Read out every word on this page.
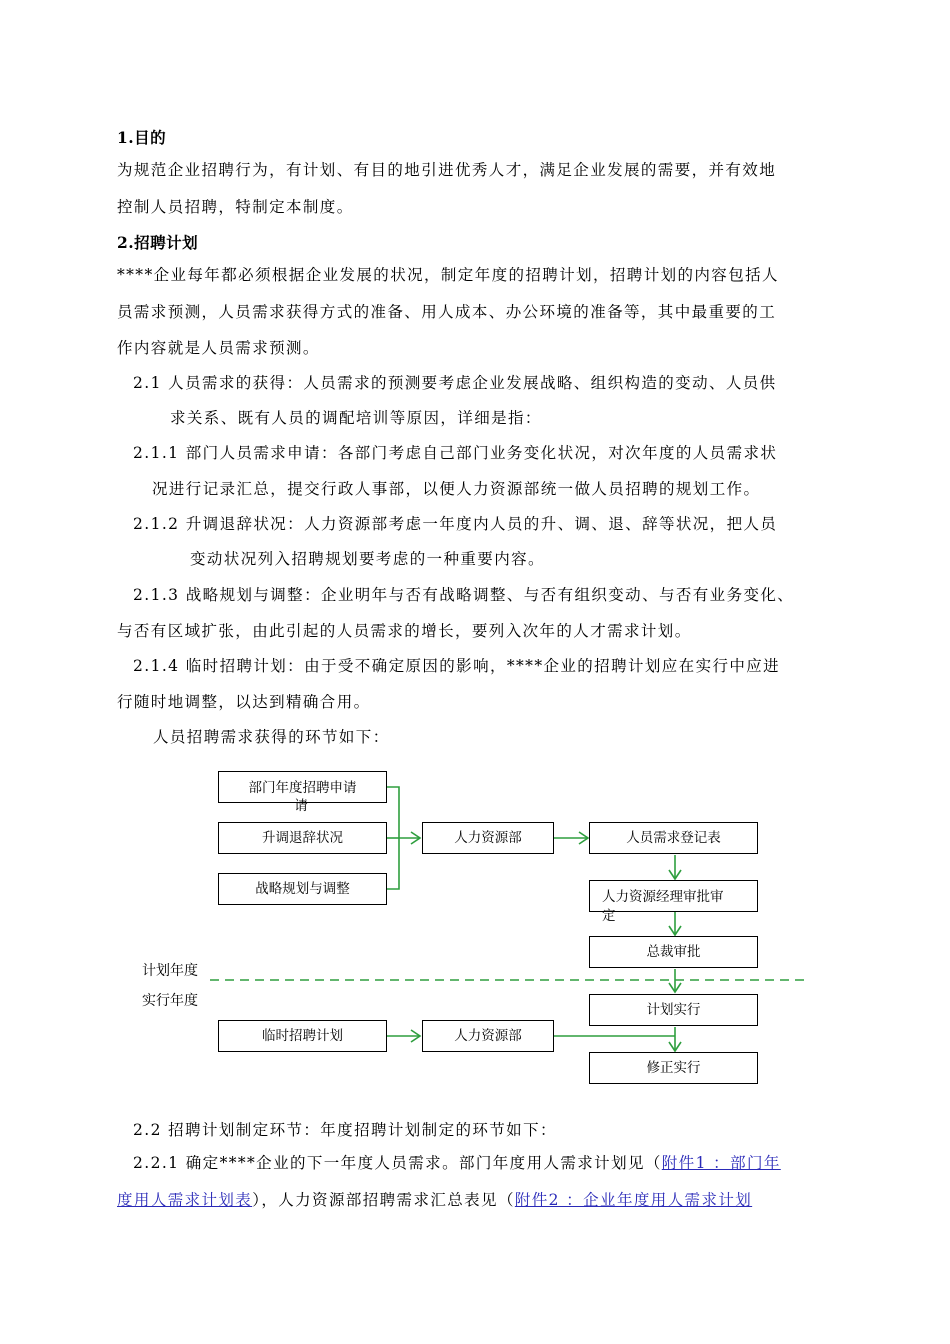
1.目的
为规范企业招聘行为，有计划、有目的地引进优秀人才，满足企业发展的需要，并有效地
控制人员招聘，特制定本制度。
2.招聘计划
****企业每年都必须根据企业发展的状况，制定年度的招聘计划，招聘计划的内容包括人
员需求预测，人员需求获得方式的准备、用人成本、办公环境的准备等，其中最重要的工
作内容就是人员需求预测。
2.1 人员需求的获得：人员需求的预测要考虑企业发展战略、组织构造的变动、人员供
求关系、既有人员的调配培训等原因，详细是指：
2.1.1 部门人员需求申请：各部门考虑自己部门业务变化状况，对次年度的人员需求状
况进行记录汇总，提交行政人事部，以便人力资源部统一做人员招聘的规划工作。
2.1.2 升调退辞状况：人力资源部考虑一年度内人员的升、调、退、辞等状况，把人员
变动状况列入招聘规划要考虑的一种重要内容。
2.1.3 战略规划与调整：企业明年与否有战略调整、与否有组织变动、与否有业务变化、
与否有区域扩张，由此引起的人员需求的增长，要列入次年的人才需求计划。
2.1.4 临时招聘计划：由于受不确定原因的影响，****企业的招聘计划应在实行中应进
行随时地调整，以达到精确合用。
人员招聘需求获得的环节如下：
计划年度
实行年度
部门年度招聘申请
请
升调退辞状况
战略规划与调整
人力资源部	人员需求登记表
人力资源经理审批审
定
总裁审批
计划实行
临时招聘计划	人力资源部
修正实行
2.2 招聘计划制定环节：年度招聘计划制定的环节如下：
2.2.1 确定****企业的下一年度人员需求。部门年度用人需求计划见（附件1 ：部门年
度用人需求计划表），人力资源部招聘需求汇总表见（附件2 ：企业年度用人需求计划
